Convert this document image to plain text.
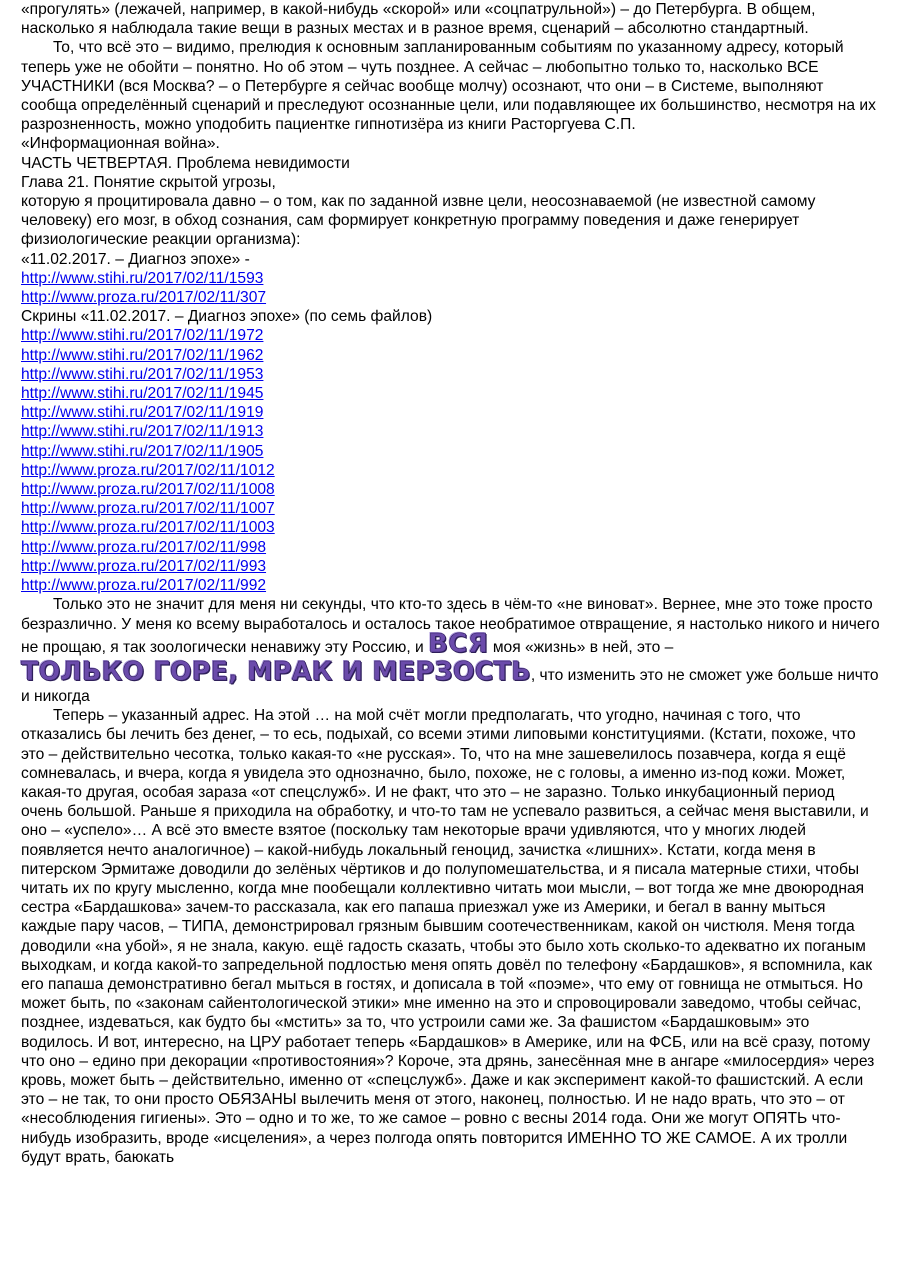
«прогулять» (лежачей, например, в какой-нибудь «скорой» или «соцпатрульной») – до Петербурга. В общем, насколько я наблюдала такие вещи в разных местах и в разное время, сценарий – абсолютно стандартный.

То, что всё это – видимо, прелюдия к основным запланированным событиям по указанному адресу, который теперь уже не обойти – понятно. Но об этом – чуть позднее. А сейчас – любопытно только то, насколько ВСЕ УЧАСТНИКИ (вся Москва? – о Петербурге я сейчас вообще молчу) осознают, что они – в Системе, выполняют сообща определённый сценарий и преследуют осознанные цели, или подавляющее их большинство, несмотря на их разрозненность, можно уподобить пациентке гипнотизёра из книги Расторгуева С.П.

«Информационная война».

ЧАСТЬ ЧЕТВЕРТАЯ. Проблема невидимости

Глава 21. Понятие скрытой угрозы,

которую я процитировала давно – о том, как по заданной извне цели, неосознаваемой (не известной самому человеку) его мозг, в обход сознания, сам формирует конкретную программу поведения и даже генерирует физиологические реакции организма):

«11.02.2017. – Диагноз эпохе» -

http://www.stihi.ru/2017/02/11/1593
http://www.proza.ru/2017/02/11/307

Скрины «11.02.2017. – Диагноз эпохе» (по семь файлов)

http://www.stihi.ru/2017/02/11/1972
http://www.stihi.ru/2017/02/11/1962
http://www.stihi.ru/2017/02/11/1953
http://www.stihi.ru/2017/02/11/1945
http://www.stihi.ru/2017/02/11/1919
http://www.stihi.ru/2017/02/11/1913
http://www.stihi.ru/2017/02/11/1905
http://www.proza.ru/2017/02/11/1012
http://www.proza.ru/2017/02/11/1008
http://www.proza.ru/2017/02/11/1007
http://www.proza.ru/2017/02/11/1003
http://www.proza.ru/2017/02/11/998
http://www.proza.ru/2017/02/11/993
http://www.proza.ru/2017/02/11/992

Только это не значит для меня ни секунды, что кто-то здесь в чём-то «не виноват». Вернее, мне это тоже просто безразлично. У меня ко всему выработалось и осталось такое необратимое отвращение, я настолько никого и ничего не прощаю, я так зоологически ненавижу эту Россию, и ВСЯ моя «жизнь» в ней, это –
ТОЛЬКО ГОРЕ, МРАК И МЕРЗОСТЬ, что изменить это не сможет уже больше ничто и никогда

Теперь – указанный адрес. На этой … на мой счёт могли предполагать, что угодно, начиная с того, что отказались бы лечить без денег, – то есь, подыхай, со всеми этими липовыми конституциями. (Кстати, похоже, что это – действительно чесотка, только какая-то «не русская». То, что на мне зашевелилось позавчера, когда я ещё сомневалась, и вчера, когда я увидела это однозначно, было, похоже, не с головы, а именно из-под кожи. Может, какая-то другая, особая зараза «от спецслужб». И не факт, что это – не заразно. Только инкубационный период очень большой. Раньше я приходила на обработку, и что-то там не успевало развиться, а сейчас меня выставили, и оно – «успело»… А всё это вместе взятое (поскольку там некоторые врачи удивляются, что у многих людей появляется нечто аналогичное) – какой-нибудь локальный геноцид, зачистка «лишних». Кстати, когда меня в питерском Эрмитаже доводили до зелёных чёртиков и до полупомешательства, и я писала матерные стихи, чтобы читать их по кругу мысленно, когда мне пообещали коллективно читать мои мысли, – вот тогда же мне двоюродная сестра «Бардашкова» зачем-то рассказала, как его папаша приезжал уже из Америки, и бегал в ванну мыться каждые пару часов, – ТИПА, демонстрировал грязным бывшим соотечественникам, какой он чистюля. Меня тогда доводили «на убой», я не знала, какую. ещё гадость сказать, чтобы это было хоть сколько-то адекватно их поганым выходкам, и когда какой-то запредельной подлостью меня опять довёл по телефону «Бардашков», я вспомнила, как его папаша демонстративно бегал мыться в гостях, и дописала в той «поэме», что ему от говнища не отмыться. Но может быть, по «законам сайентологической этики» мне именно на это и спровоцировали заведомо, чтобы сейчас, позднее, издеваться, как будто бы «мстить» за то, что устроили сами же. За фашистом «Бардашковым» это водилось. И вот, интересно, на ЦРУ работает теперь «Бардашков» в Америке, или на ФСБ, или на всё сразу, потому что оно – едино при декорации «противостояния»? Короче, эта дрянь, занесённая мне в ангаре «милосердия» через кровь, может быть – действительно, именно от «спецслужб». Даже и как эксперимент какой-то фашистский. А если это – не так, то они просто ОБЯЗАНЫ вылечить меня от этого, наконец, полностью. И не надо врать, что это – от «несоблюдения гигиены». Это – одно и то же, то же самое – ровно с весны 2014 года. Они же могут ОПЯТЬ что-нибудь изобразить, вроде «исцеления», а через полгода опять повторится ИМЕННО ТО ЖЕ САМОЕ. А их тролли будут врать, баюкать
